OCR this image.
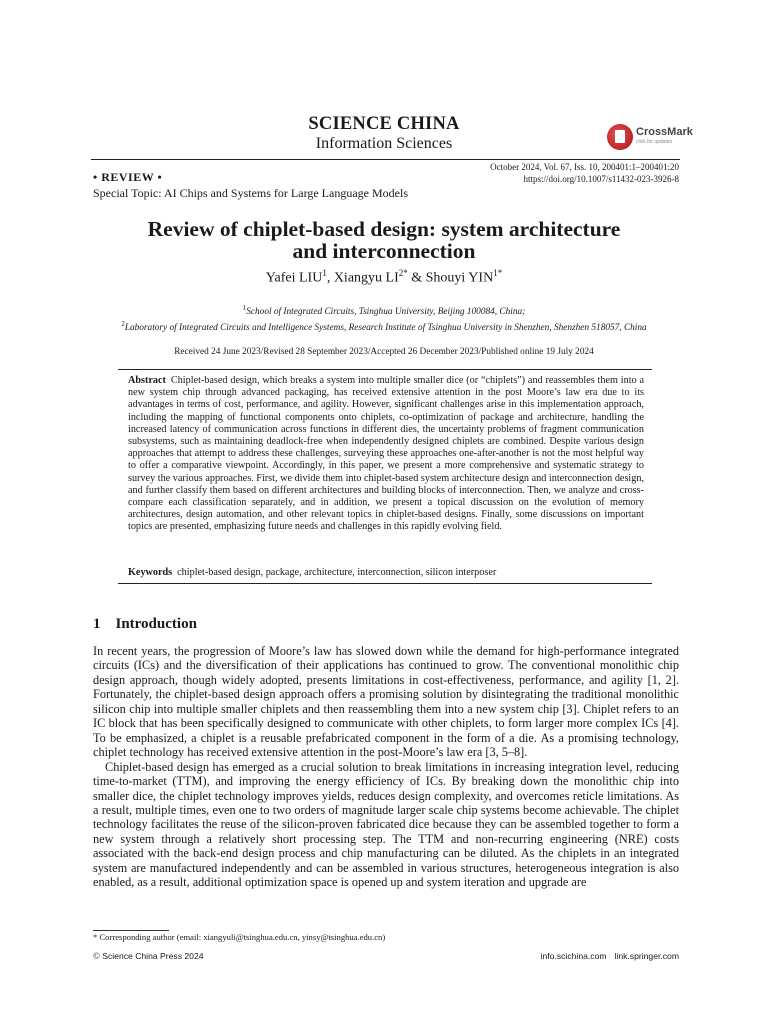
SCIENCE CHINA
Information Sciences
CrossMark
click for updates
October 2024, Vol. 67, Iss. 10, 200401:1–200401:20
https://doi.org/10.1007/s11432-023-3926-8
• REVIEW •
Special Topic: AI Chips and Systems for Large Language Models
Review of chiplet-based design: system architecture
and interconnection
Yafei LIU$^1$, Xiangyu $LI^{2*}$ & Shouyi $YIN^{1*}$
$^1$School of Integrated Circuits, Tsinghua University, Beijing 100084, China;
$^2$Laboratory of Integrated Circuits and Intelligence Systems, Research Institute of Tsinghua University in Shenzhen, Shenzhen 518057, China
Received 24 June 2023/Revised 28 September 2023/Accepted 26 December 2023/Published online 19 July 2024
Abstract Chiplet-based design, which breaks a system into multiple smaller dice (or “chiplets”) and reassembles them into a new system chip through advanced packaging, has received extensive attention in the post Moore’s law era due to its advantages in terms of cost, performance, and agility. However, significant challenges arise in this implementation approach, including the mapping of functional components onto chiplets, co-optimization of package and architecture, handling the increased latency of communication across functions in different dies, the uncertainty problems of fragment communication subsystems, such as maintaining deadlock-free when independently designed chiplets are combined. Despite various design approaches that attempt to address these challenges, surveying these approaches one-after-another is not the most helpful way to offer a comparative viewpoint. Accordingly, in this paper, we present a more comprehensive and systematic strategy to survey the various approaches. First, we divide them into chiplet-based system architecture design and interconnection design, and further classify them based on different architectures and building blocks of interconnection. Then, we analyze and cross-compare each classification separately, and in addition, we present a topical discussion on the evolution of memory architectures, design automation, and other relevant topics in chiplet-based designs. Finally, some discussions on important topics are presented, emphasizing future needs and challenges in this rapidly evolving field.
Keywords chiplet-based design, package, architecture, interconnection, silicon interposer
1 Introduction

In recent years, the progression of Moore’s law has slowed down while the demand for high-performance integrated circuits (ICs) and the diversification of their applications has continued to grow. The conventional monolithic chip design approach, though widely adopted, presents limitations in cost-effectiveness, performance, and agility [1, 2]. Fortunately, the chiplet-based design approach offers a promising solution by disintegrating the traditional monolithic silicon chip into multiple smaller chiplets and then reassembling them into a new system chip [3]. Chiplet refers to an IC block that has been specifically designed to communicate with other chiplets, to form larger more complex ICs [4]. To be emphasized, a chiplet is a reusable prefabricated component in the form of a die. As a promising technology, chiplet technology has received extensive attention in the post-Moore’s law era [3, 5–8].

Chiplet-based design has emerged as a crucial solution to break limitations in increasing integration level, reducing time-to-market (TTM), and improving the energy efficiency of ICs. By breaking down the monolithic chip into smaller dice, the chiplet technology improves yields, reduces design complexity, and overcomes reticle limitations. As a result, multiple times, even one to two orders of magnitude larger scale chip systems become achievable. The chiplet technology facilitates the reuse of the silicon-proven fabricated dice because they can be assembled together to form a new system through a relatively short processing step. The TTM and non-recurring engineering (NRE) costs associated with the back-end design process and chip manufacturing can be diluted. As the chiplets in an integrated system are manufactured independently and can be assembled in various structures, heterogeneous integration is also enabled, as a result, additional optimization space is opened up and system iteration and upgrade are

* Corresponding author (email: xiangyuli@tsinghua.edu.cn, yinsy@tsinghua.edu.cn)
© Science China Press 2024	info.scichina.com link.springer.com
